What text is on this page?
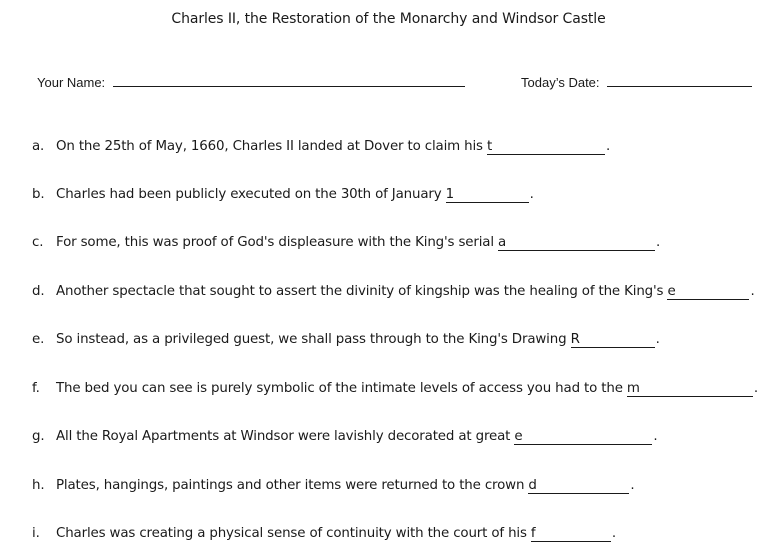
Charles II, the Restoration of the Monarchy and Windsor Castle
Your Name:	Today’s Date:
a. On the 25th of May, 1660, Charles II landed at Dover to claim his t	.
b. Charles had been publicly executed on the 30th of January 1	.
c. For some, this was proof of God's displeasure with the King's serial a	.
d. Another spectacle that sought to assert the divinity of kingship was the healing of the King's e	.
e. So instead, as a privileged guest, we shall pass through to the King's Drawing R	.
f. The bed you can see is purely symbolic of the intimate levels of access you had to the m	.
g. All the Royal Apartments at Windsor were lavishly decorated at great e	.
h. Plates, hangings, paintings and other items were returned to the crown d	.
i. Charles was creating a physical sense of continuity with the court of his f	.
